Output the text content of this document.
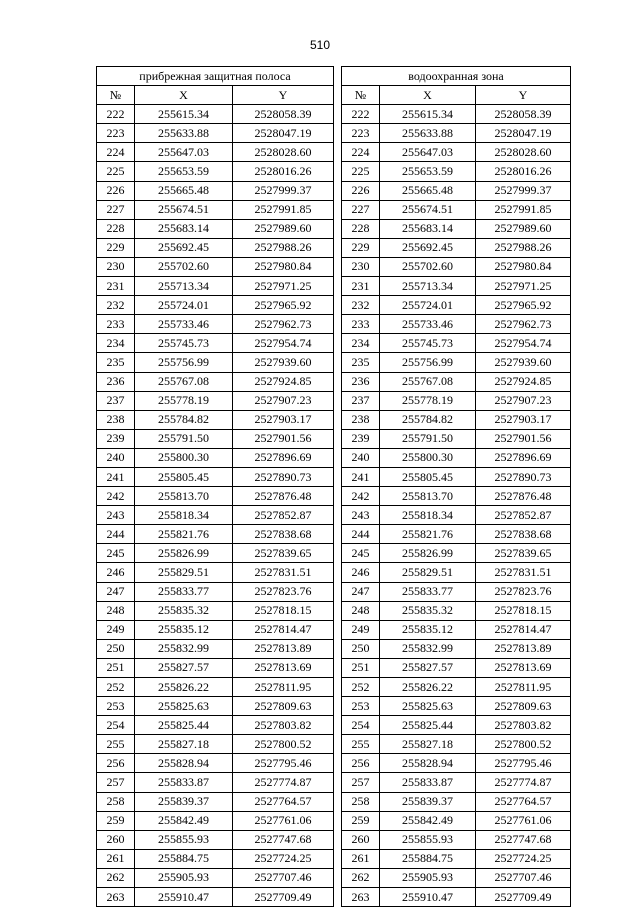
510
прибрежная защитная полоса		
№	X	Y
222	255615.34	2528058.39
223	255633.88	2528047.19
224	255647.03	2528028.60
225	255653.59	2528016.26
226	255665.48	2527999.37
227	255674.51	2527991.85
228	255683.14	2527989.60
229	255692.45	2527988.26
230	255702.60	2527980.84
231	255713.34	2527971.25
232	255724.01	2527965.92
233	255733.46	2527962.73
234	255745.73	2527954.74
235	255756.99	2527939.60
236	255767.08	2527924.85
237	255778.19	2527907.23
238	255784.82	2527903.17
239	255791.50	2527901.56
240	255800.30	2527896.69
241	255805.45	2527890.73
242	255813.70	2527876.48
243	255818.34	2527852.87
244	255821.76	2527838.68
245	255826.99	2527839.65
246	255829.51	2527831.51
247	255833.77	2527823.76
248	255835.32	2527818.15
249	255835.12	2527814.47
250	255832.99	2527813.89
251	255827.57	2527813.69
252	255826.22	2527811.95
253	255825.63	2527809.63
254	255825.44	2527803.82
255	255827.18	2527800.52
256	255828.94	2527795.46
257	255833.87	2527774.87
258	255839.37	2527764.57
259	255842.49	2527761.06
260	255855.93	2527747.68
261	255884.75	2527724.25
262	255905.93	2527707.46
263	255910.47	2527709.49
водоохранная зона		
№	X	Y
222	255615.34	2528058.39
223	255633.88	2528047.19
224	255647.03	2528028.60
225	255653.59	2528016.26
226	255665.48	2527999.37
227	255674.51	2527991.85
228	255683.14	2527989.60
229	255692.45	2527988.26
230	255702.60	2527980.84
231	255713.34	2527971.25
232	255724.01	2527965.92
233	255733.46	2527962.73
234	255745.73	2527954.74
235	255756.99	2527939.60
236	255767.08	2527924.85
237	255778.19	2527907.23
238	255784.82	2527903.17
239	255791.50	2527901.56
240	255800.30	2527896.69
241	255805.45	2527890.73
242	255813.70	2527876.48
243	255818.34	2527852.87
244	255821.76	2527838.68
245	255826.99	2527839.65
246	255829.51	2527831.51
247	255833.77	2527823.76
248	255835.32	2527818.15
249	255835.12	2527814.47
250	255832.99	2527813.89
251	255827.57	2527813.69
252	255826.22	2527811.95
253	255825.63	2527809.63
254	255825.44	2527803.82
255	255827.18	2527800.52
256	255828.94	2527795.46
257	255833.87	2527774.87
258	255839.37	2527764.57
259	255842.49	2527761.06
260	255855.93	2527747.68
261	255884.75	2527724.25
262	255905.93	2527707.46
263	255910.47	2527709.49
